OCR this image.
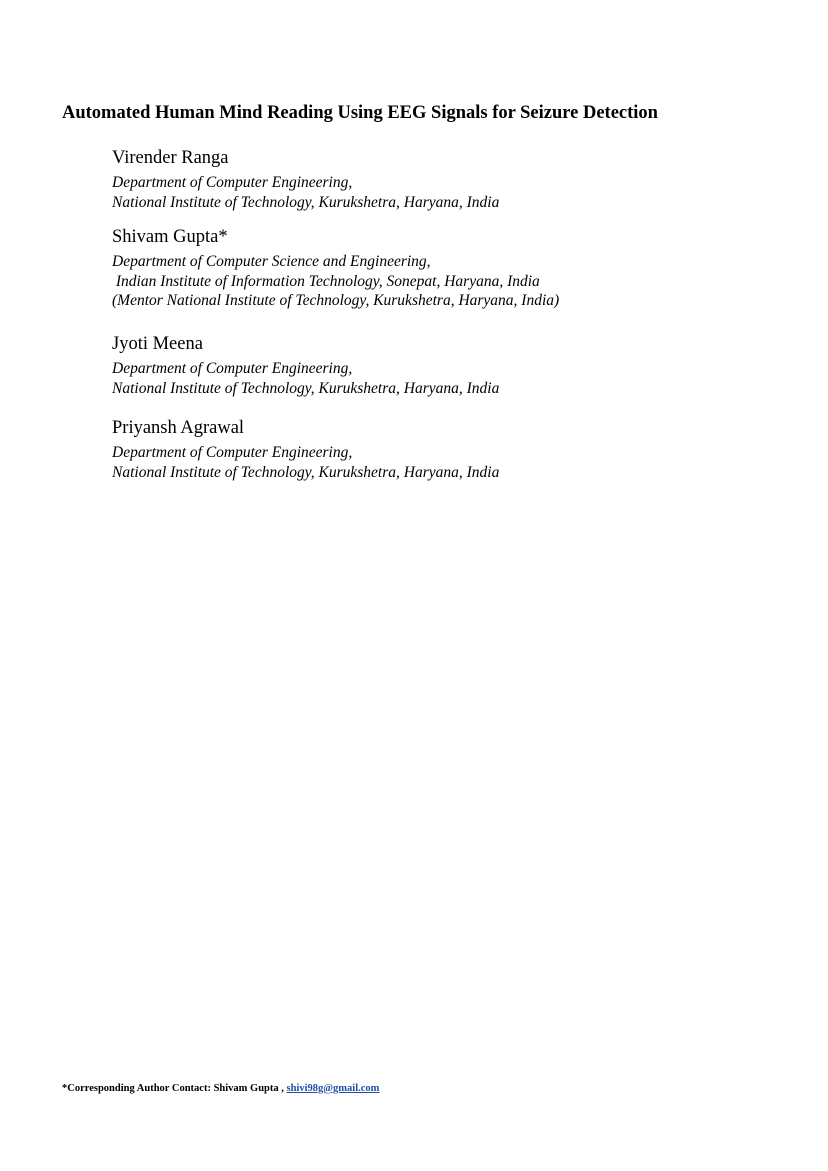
Automated Human Mind Reading Using EEG Signals for Seizure Detection
Virender Ranga
Department of Computer Engineering,
National Institute of Technology, Kurukshetra, Haryana, India
Shivam Gupta*
Department of Computer Science and Engineering,
Indian Institute of Information Technology, Sonepat, Haryana, India
(Mentor National Institute of Technology, Kurukshetra, Haryana, India)
Jyoti Meena
Department of Computer Engineering,
National Institute of Technology, Kurukshetra, Haryana, India
Priyansh Agrawal
Department of Computer Engineering,
National Institute of Technology, Kurukshetra, Haryana, India
*Corresponding Author Contact: Shivam Gupta , shivi98g@gmail.com
